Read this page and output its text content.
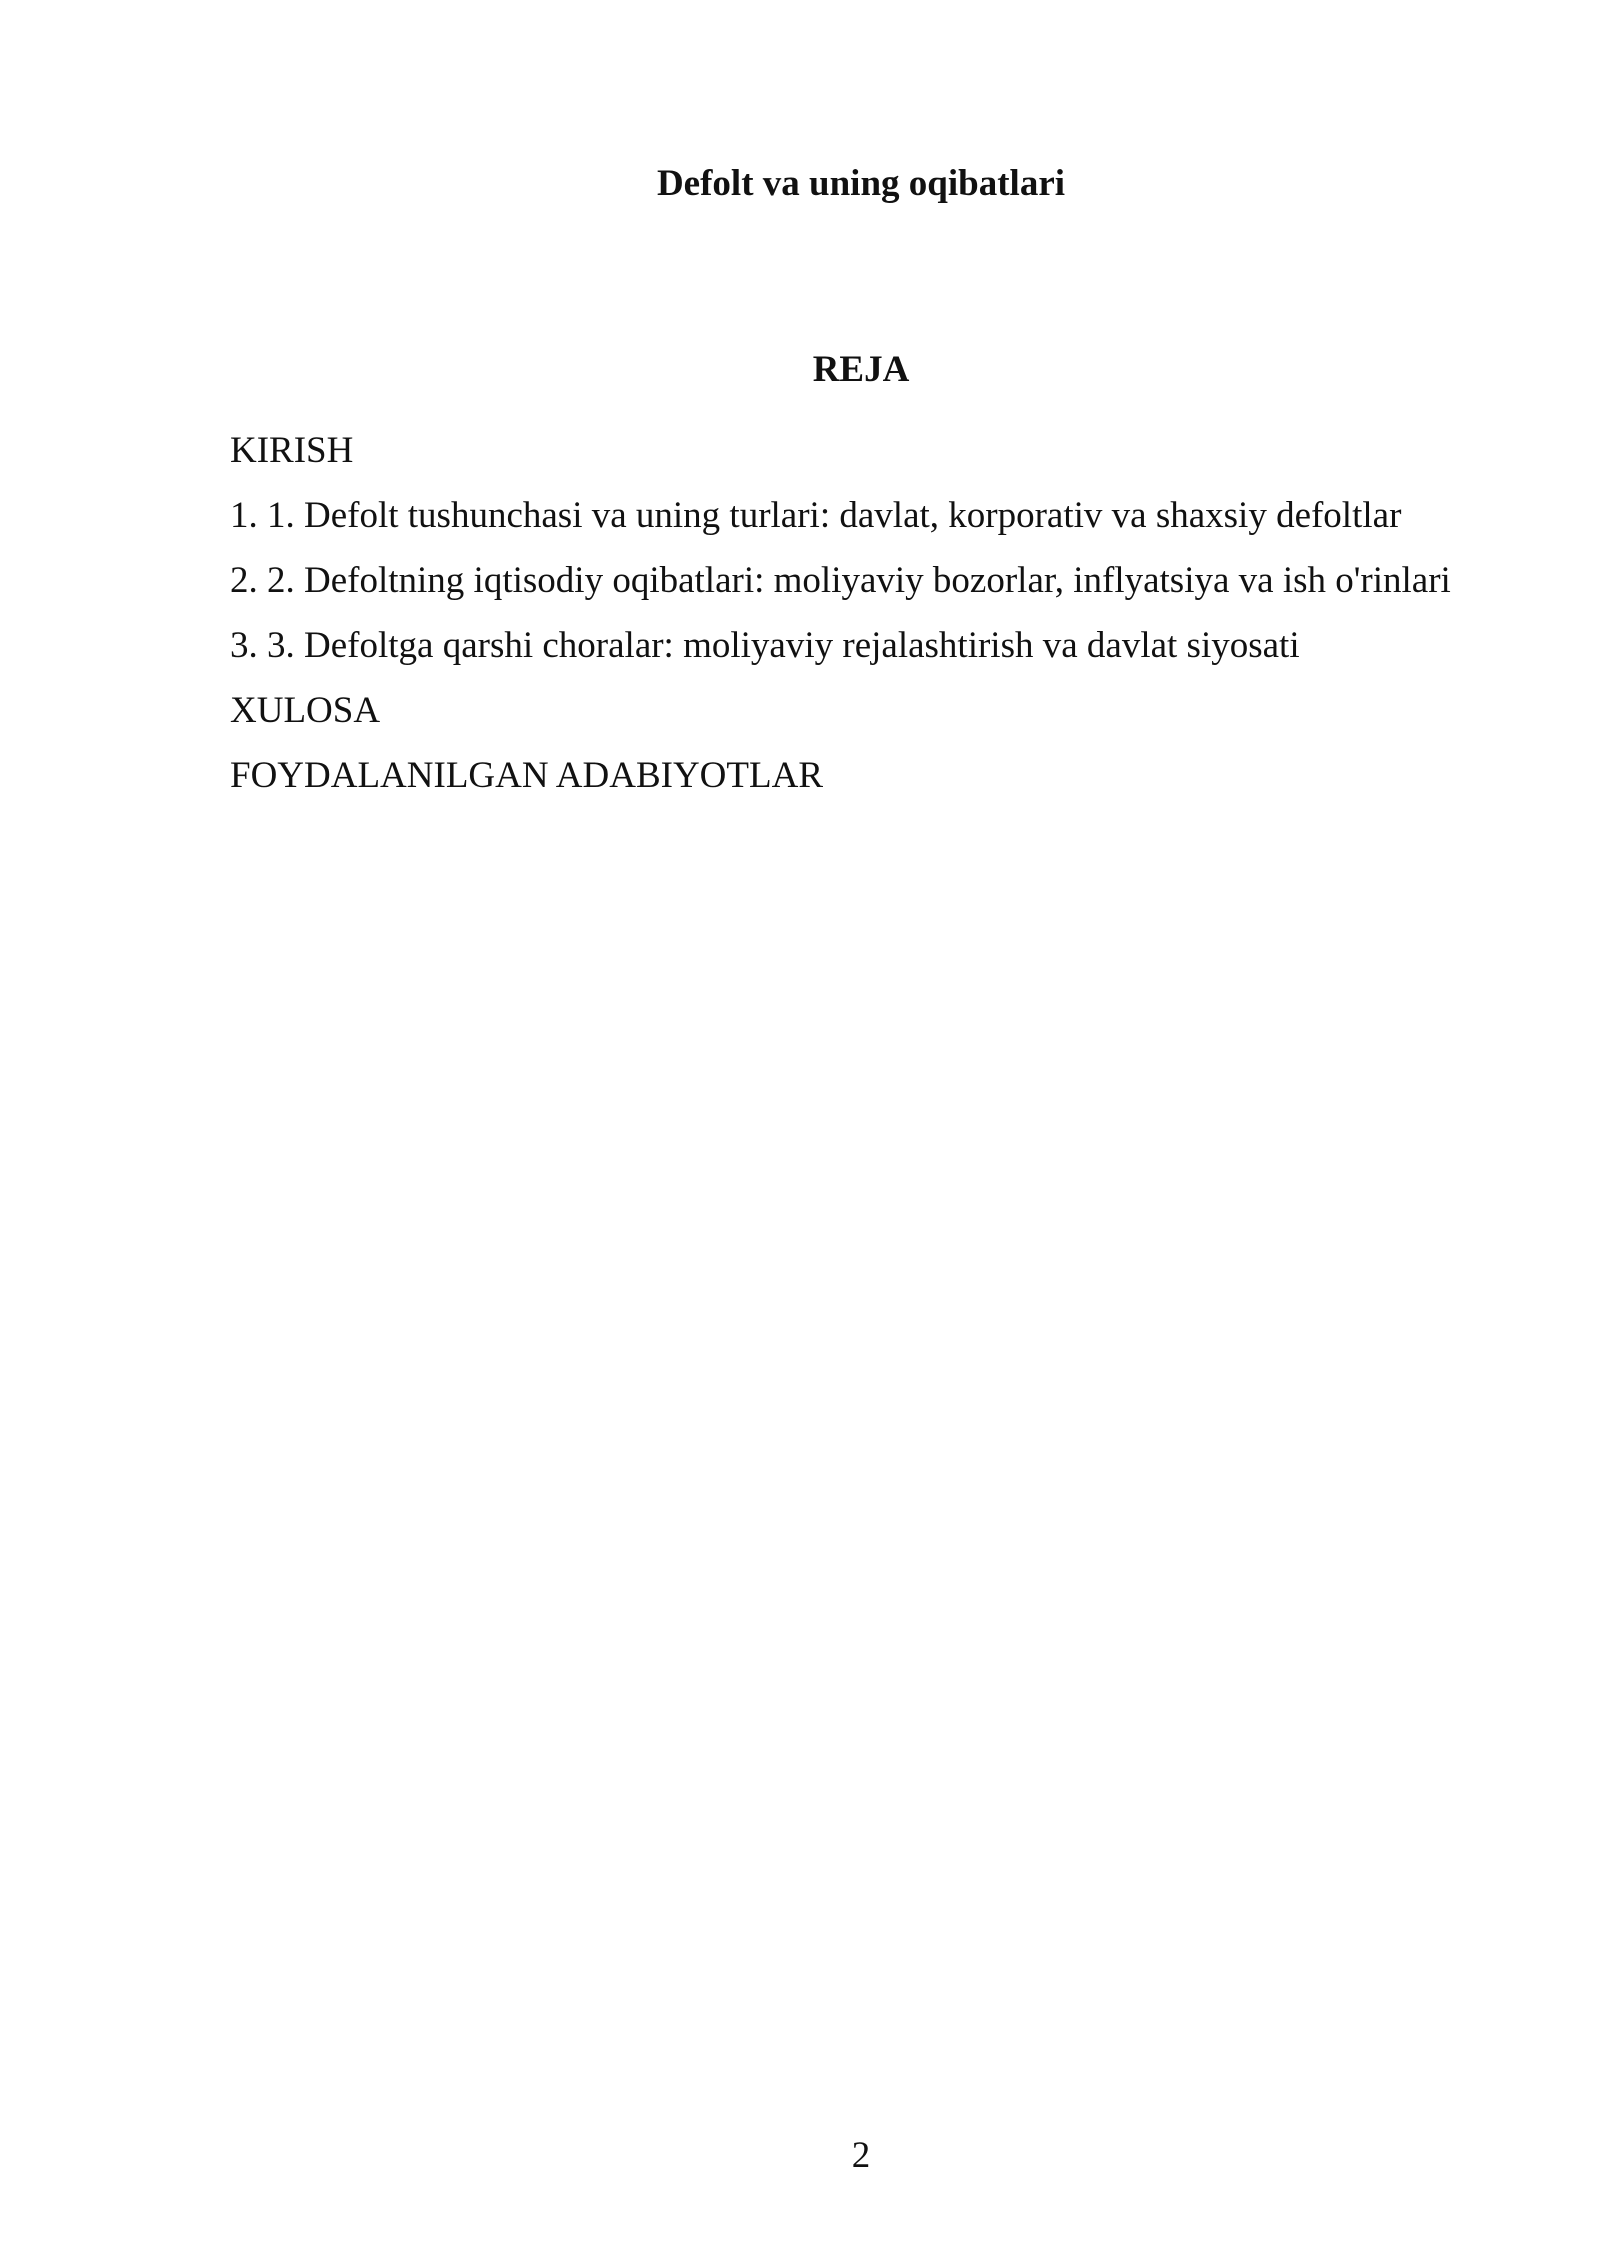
Defolt va uning oqibatlari
REJA
KIRISH
1. 1. Defolt tushunchasi va uning turlari: davlat, korporativ va shaxsiy defoltlar
2. 2. Defoltning iqtisodiy oqibatlari: moliyaviy bozorlar, inflyatsiya va ish o'rinlari
3. 3. Defoltga qarshi choralar: moliyaviy rejalashtirish va davlat siyosati
XULOSA
FOYDALANILGAN ADABIYOTLAR
2
